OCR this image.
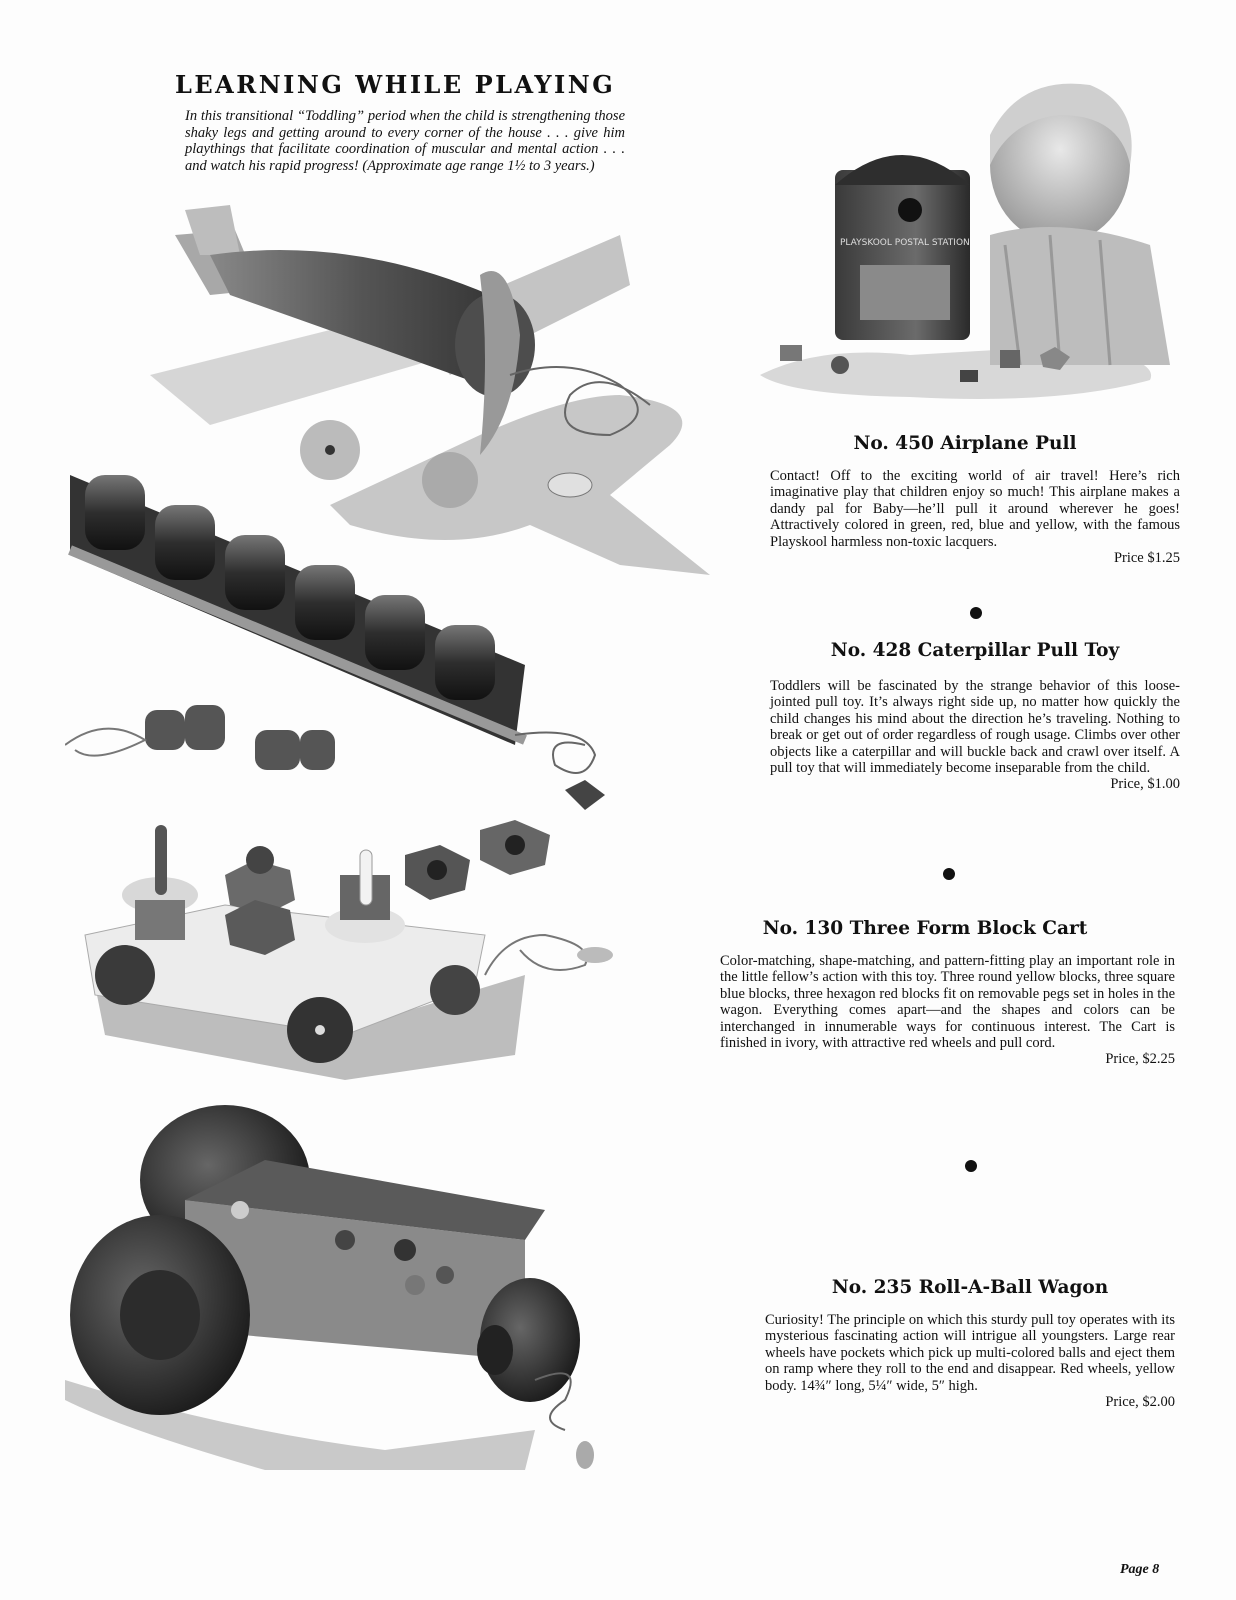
LEARNING WHILE PLAYING
In this transitional “Toddling” period when the child is strengthening those shaky legs and getting around to every corner of the house . . . give him playthings that facilitate coordination of muscular and mental action . . . and watch his rapid progress! (Approximate age range 1½ to 3 years.)
PLAYSKOOL POSTAL STATION
No. 450 Airplane Pull
Contact! Off to the exciting world of air travel! Here’s rich imaginative play that children enjoy so much! This airplane makes a dandy pal for Baby—he’ll pull it around wherever he goes! Attractively colored in green, red, blue and yellow, with the famous Playskool harmless non-toxic lacquers.
Price $1.25
No. 428 Caterpillar Pull Toy
Toddlers will be fascinated by the strange behavior of this loose-jointed pull toy. It’s always right side up, no matter how quickly the child changes his mind about the direction he’s traveling. Nothing to break or get out of order regardless of rough usage. Climbs over other objects like a caterpillar and will buckle back and crawl over itself. A pull toy that will immediately become inseparable from the child.
Price, $1.00
No. 130 Three Form Block Cart
Color-matching, shape-matching, and pattern-fitting play an important role in the little fellow’s action with this toy. Three round yellow blocks, three square blue blocks, three hexagon red blocks fit on removable pegs set in holes in the wagon. Everything comes apart—and the shapes and colors can be interchanged in innumerable ways for continuous interest. The Cart is finished in ivory, with attractive red wheels and pull cord.
Price, $2.25
No. 235 Roll-A-Ball Wagon
Curiosity! The principle on which this sturdy pull toy operates with its mysterious fascinating action will intrigue all youngsters. Large rear wheels have pockets which pick up multi-colored balls and eject them on ramp where they roll to the end and disappear. Red wheels, yellow body. 14¾″ long, 5¼″ wide, 5″ high.
Price, $2.00
Page 8
